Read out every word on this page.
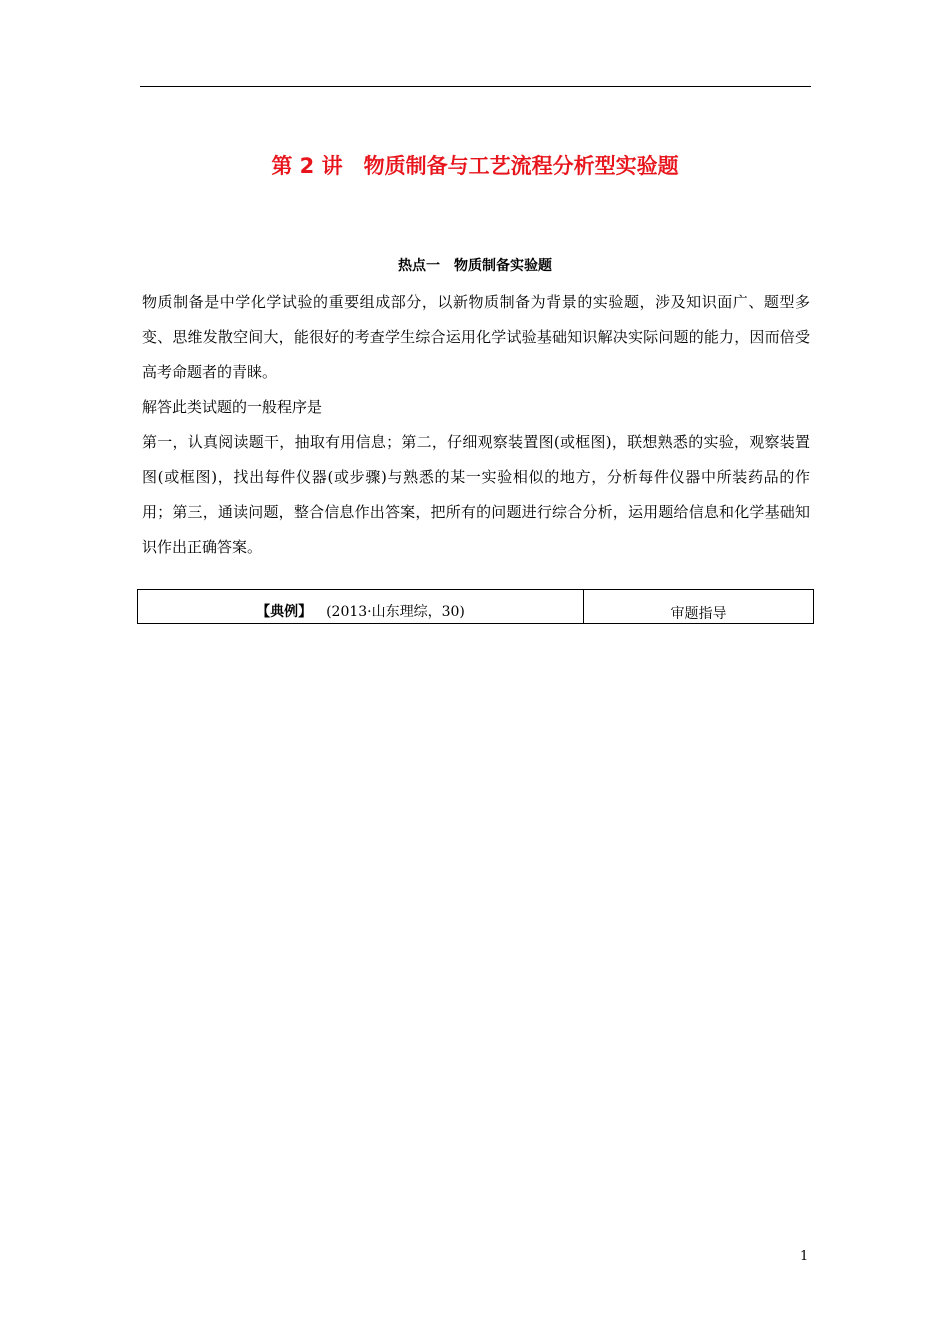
第 2 讲　物质制备与工艺流程分析型实验题
热点一　物质制备实验题
物质制备是中学化学试验的重要组成部分，以新物质制备为背景的实验题，涉及知识面广、题型多变、思维发散空间大，能很好的考查学生综合运用化学试验基础知识解决实际问题的能力，因而倍受高考命题者的青睐。
解答此类试题的一般程序是
第一，认真阅读题干，抽取有用信息；第二，仔细观察装置图(或框图)，联想熟悉的实验，观察装置图(或框图)，找出每件仪器(或步骤)与熟悉的某一实验相似的地方，分析每件仪器中所装药品的作用；第三，通读问题，整合信息作出答案，把所有的问题进行综合分析，运用题给信息和化学基础知识作出正确答案。
【典例】 　(2013·山东理综，30)	审题指导
1
